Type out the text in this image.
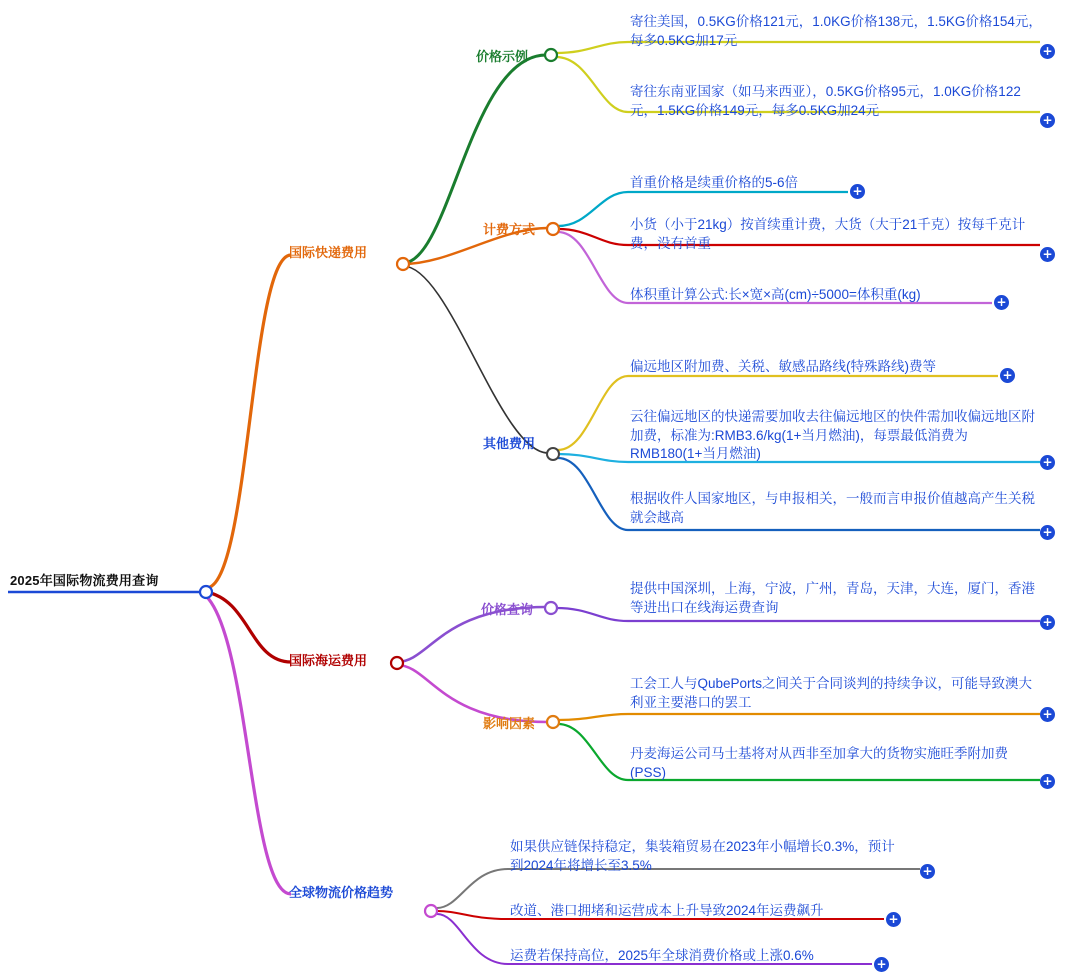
2025年国际物流费用查询
国际快递费用
价格示例
寄往美国，0.5KG价格121元，1.0KG价格138元，1.5KG价格154元，每多0.5KG加17元
+
寄往东南亚国家（如马来西亚），0.5KG价格95元，1.0KG价格122元，1.5KG价格149元，每多0.5KG加24元
+
计费方式
首重价格是续重价格的5-6倍
+
小货（小于21kg）按首续重计费，大货（大于21千克）按每千克计费，没有首重
+
体积重计算公式:长×宽×高(cm)÷5000=体积重(kg)	+
其他费用
偏远地区附加费、关税、敏感品路线(特殊路线)费等
+
云往偏远地区的快递需要加收去往偏远地区的快件需加收偏远地区附加费，标准为:RMB3.6/kg(1+当月燃油)，每票最低消费为RMB180(1+当月燃油)
+
根据收件人国家地区，与申报相关，一般而言申报价值越高产生关税就会越高
+
国际海运费用
价格查询
提供中国深圳，上海，宁波，广州，青岛，天津，大连，厦门，香港等进出口在线海运费查询
+
影响因素
工会工人与QubePorts之间关于合同谈判的持续争议，可能导致澳大利亚主要港口的罢工
+
丹麦海运公司马士基将对从西非至加拿大的货物实施旺季附加费(PSS)
+
全球物流价格趋势
如果供应链保持稳定，集装箱贸易在2023年小幅增长0.3%，预计到2024年将增长至3.5%	+
改道、港口拥堵和运营成本上升导致2024年运费飙升
+
运费若保持高位，2025年全球消费价格或上涨0.6%
+
